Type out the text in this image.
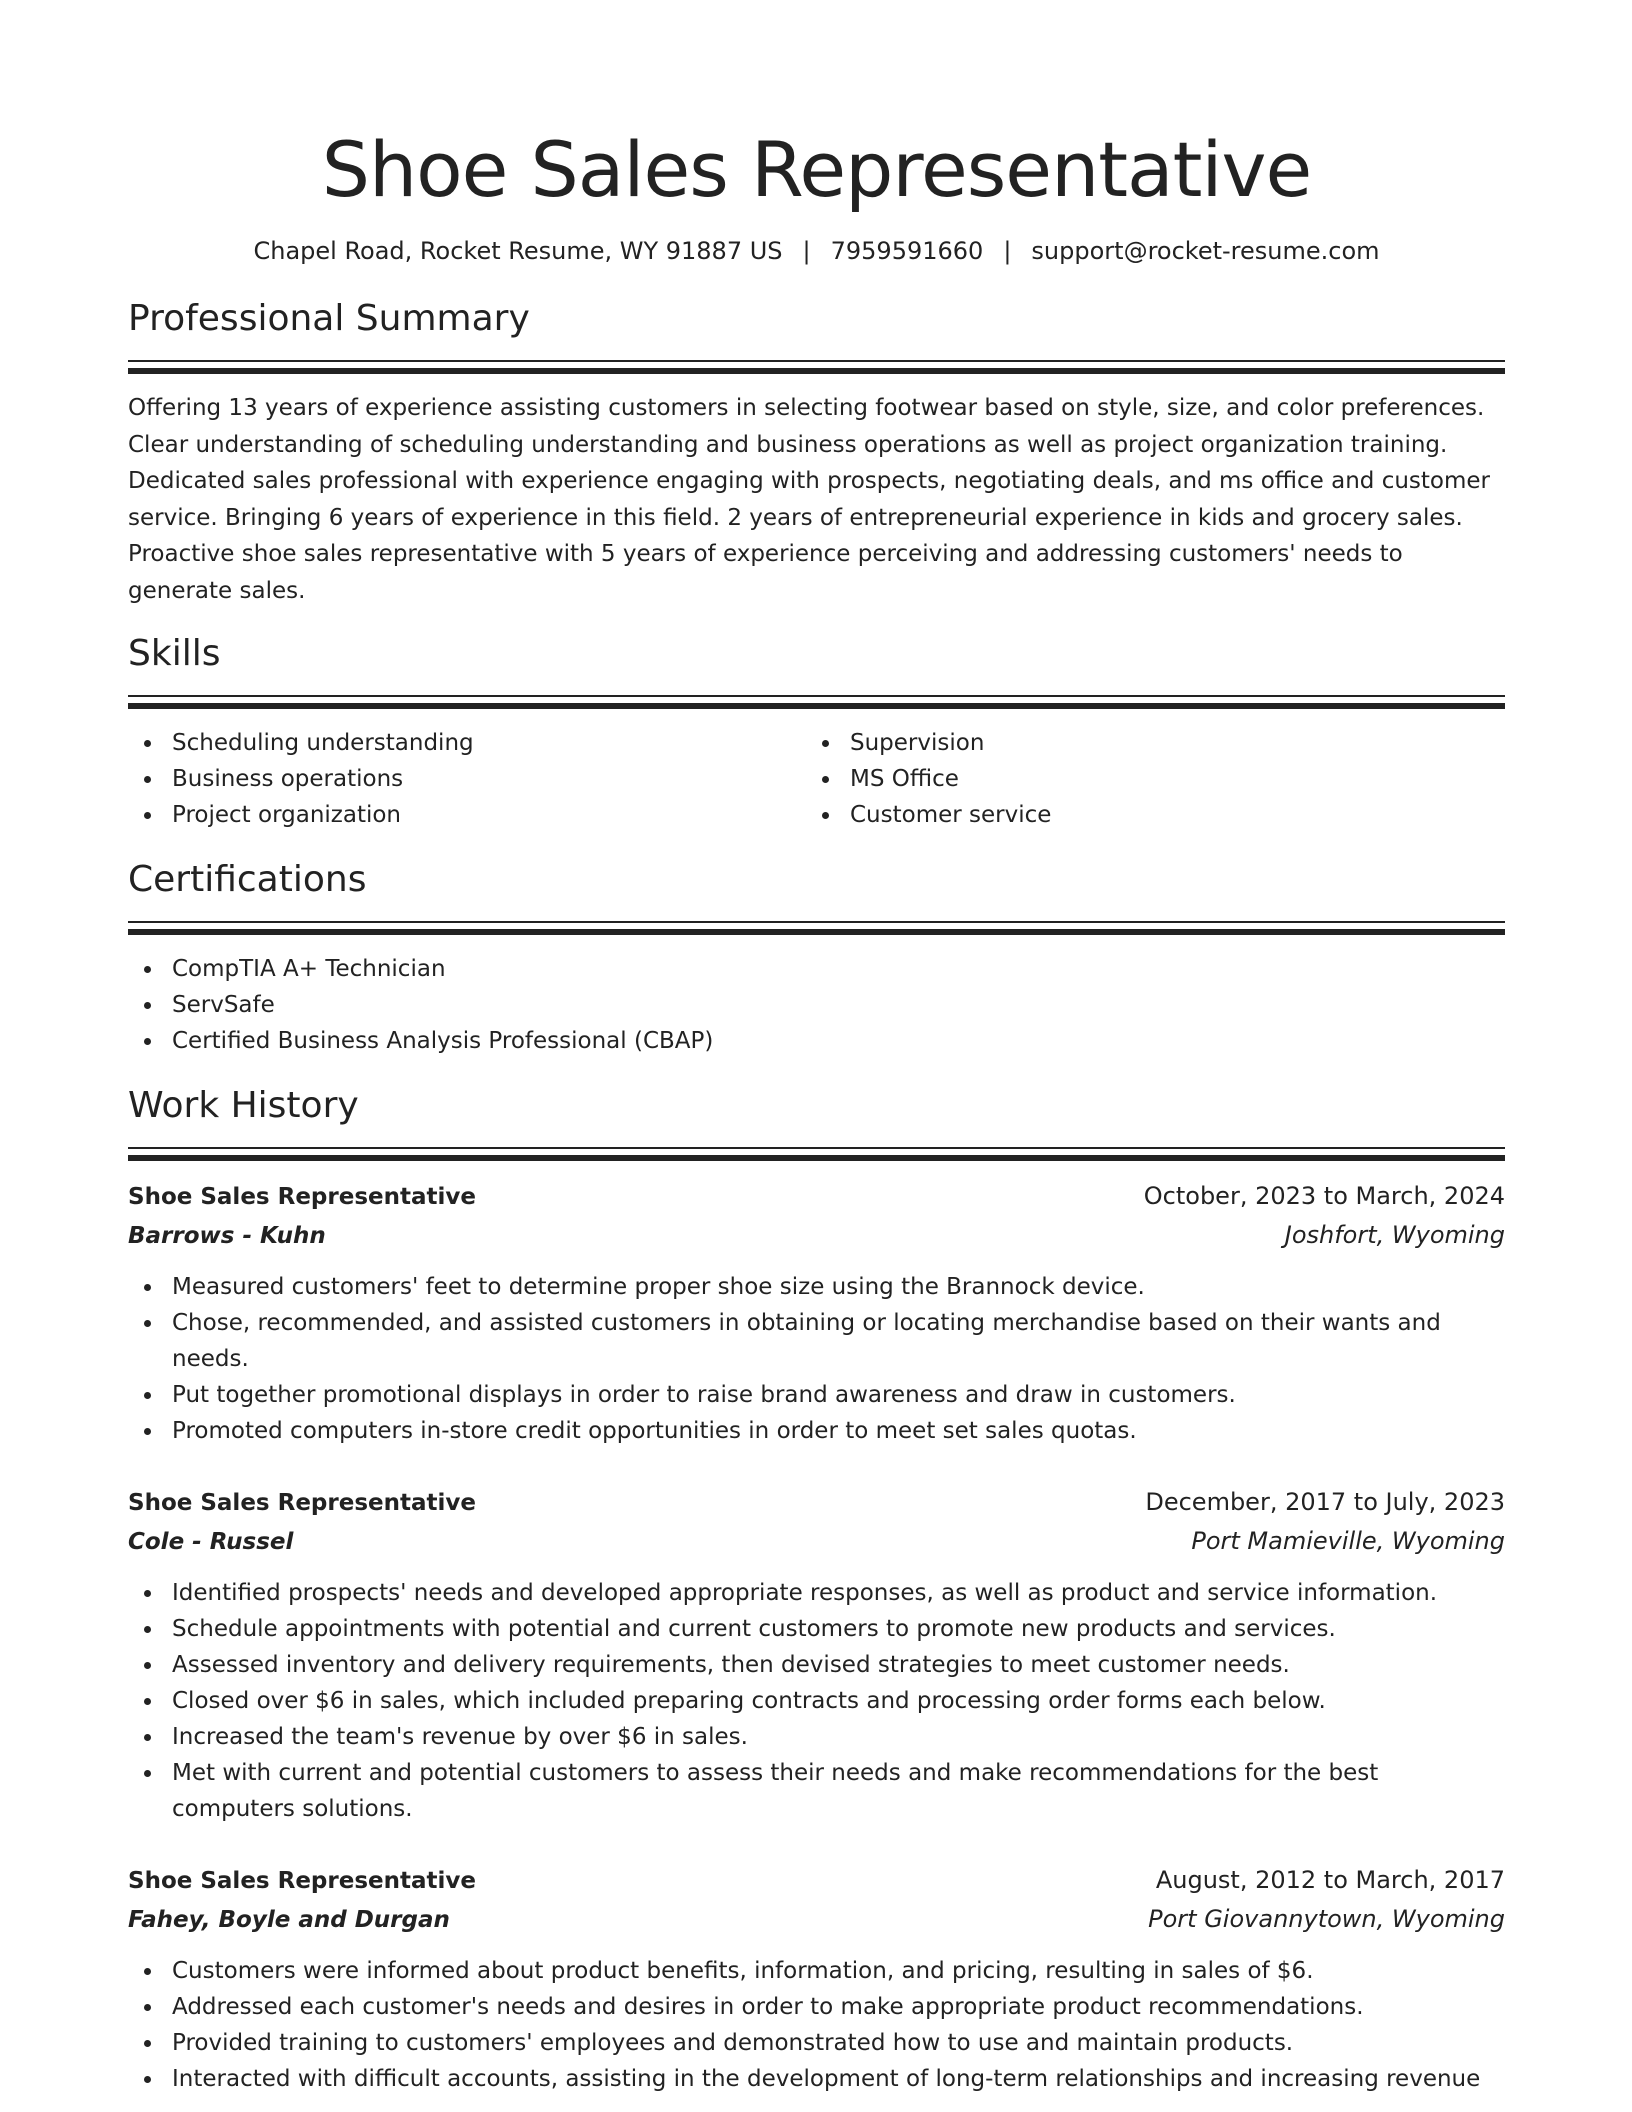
Shoe Sales Representative
Chapel Road, Rocket Resume, WY 91887 US | 7959591660 | support@rocket-resume.com
Professional Summary

Offering 13 years of experience assisting customers in selecting footwear based on style, size, and color preferences. Clear understanding of scheduling understanding and business operations as well as project organization training. Dedicated sales professional with experience engaging with prospects, negotiating deals, and ms office and customer service. Bringing 6 years of experience in this field. 2 years of entrepreneurial experience in kids and grocery sales. Proactive shoe sales representative with 5 years of experience perceiving and addressing customers' needs to generate sales.

Skills
Scheduling understanding
Business operations
Project organization
Supervision
MS Office
Customer service
Certifications
CompTIA A+ Technician
ServSafe
Certified Business Analysis Professional (CBAP)
Work History
Shoe Sales Representative	October, 2023 to March, 2024
Barrows - Kuhn	Joshfort, Wyoming
Measured customers' feet to determine proper shoe size using the Brannock device.
Chose, recommended, and assisted customers in obtaining or locating merchandise based on their wants and needs.
Put together promotional displays in order to raise brand awareness and draw in customers.
Promoted computers in-store credit opportunities in order to meet set sales quotas.
Shoe Sales Representative	December, 2017 to July, 2023
Cole - Russel	Port Mamieville, Wyoming
Identified prospects' needs and developed appropriate responses, as well as product and service information.
Schedule appointments with potential and current customers to promote new products and services.
Assessed inventory and delivery requirements, then devised strategies to meet customer needs.
Closed over $6 in sales, which included preparing contracts and processing order forms each below.
Increased the team's revenue by over $6 in sales.
Met with current and potential customers to assess their needs and make recommendations for the best computers solutions.
Shoe Sales Representative	August, 2012 to March, 2017
Fahey, Boyle and Durgan	Port Giovannytown, Wyoming
Customers were informed about product benefits, information, and pricing, resulting in sales of $6.
Addressed each customer's needs and desires in order to make appropriate product recommendations.
Provided training to customers' employees and demonstrated how to use and maintain products.
Interacted with difficult accounts, assisting in the development of long-term relationships and increasing revenue
